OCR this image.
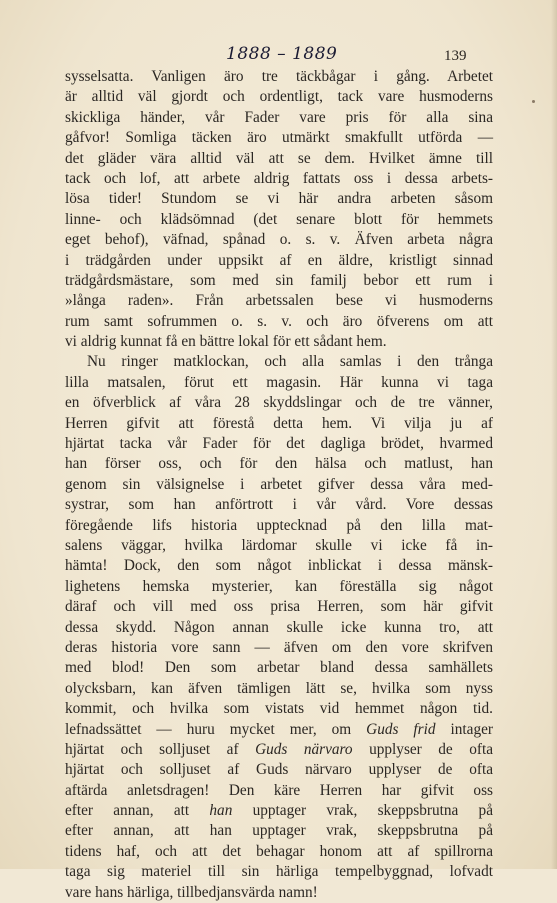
1888 – 1889	139
sysselsatta. Vanligen äro tre täckbågar i gång. Arbetet
är alltid väl gjordt och ordentligt, tack vare husmoderns
skickliga händer, vår Fader vare pris för alla sina
gåfvor! Somliga täcken äro utmärkt smakfullt utförda —
det gläder vära alltid väl att se dem. Hvilket ämne till
tack och lof, att arbete aldrig fattats oss i dessa arbets-
lösa tider! Stundom se vi här andra arbeten såsom
linne- och klädsömnad (det senare blott för hemmets
eget behof), väfnad, spånad o. s. v. Äfven arbeta några
i trädgården under uppsikt af en äldre, kristligt sinnad
trädgårdsmästare, som med sin familj bebor ett rum i
»långa raden». Från arbetssalen bese vi husmoderns
rum samt sofrummen o. s. v. och äro öfverens om att
vi aldrig kunnat få en bättre lokal för ett sådant hem.
Nu ringer matklockan, och alla samlas i den trånga
lilla matsalen, förut ett magasin. Här kunna vi taga
en öfverblick af våra 28 skyddslingar och de tre vänner,
Herren gifvit att förestå detta hem. Vi vilja ju af
hjärtat tacka vår Fader för det dagliga brödet, hvarmed
han förser oss, och för den hälsa och matlust, han
genom sin välsignelse i arbetet gifver dessa våra med-
systrar, som han anförtrott i vår vård. Vore dessas
föregående lifs historia upptecknad på den lilla mat-
salens väggar, hvilka lärdomar skulle vi icke få in-
hämta! Dock, den som något inblickat i dessa mänsk-
lighetens hemska mysterier, kan föreställa sig något
däraf och vill med oss prisa Herren, som här gifvit
dessa skydd. Någon annan skulle icke kunna tro, att
deras historia vore sann — äfven om den vore skrifven
med blod! Den som arbetar bland dessa samhällets
olycksbarn, kan äfven tämligen lätt se, hvilka som nyss
kommit, och hvilka som vistats vid hemmet någon tid.
lefnadssättet — huru mycket mer, om Guds frid intager
hjärtat och solljuset af Guds närvaro upplyser de ofta
hjärtat och solljuset af Guds närvaro upplyser de ofta
aftärda anletsdragen! Den käre Herren har gifvit oss
efter annan, att han upptager vrak, skeppsbrutna på
efter annan, att han upptager vrak, skeppsbrutna på
tidens haf, och att det behagar honom att af spillrorna
taga sig materiel till sin härliga tempelbyggnad, lofvadt
vare hans härliga, tillbedjansvärda namn!
